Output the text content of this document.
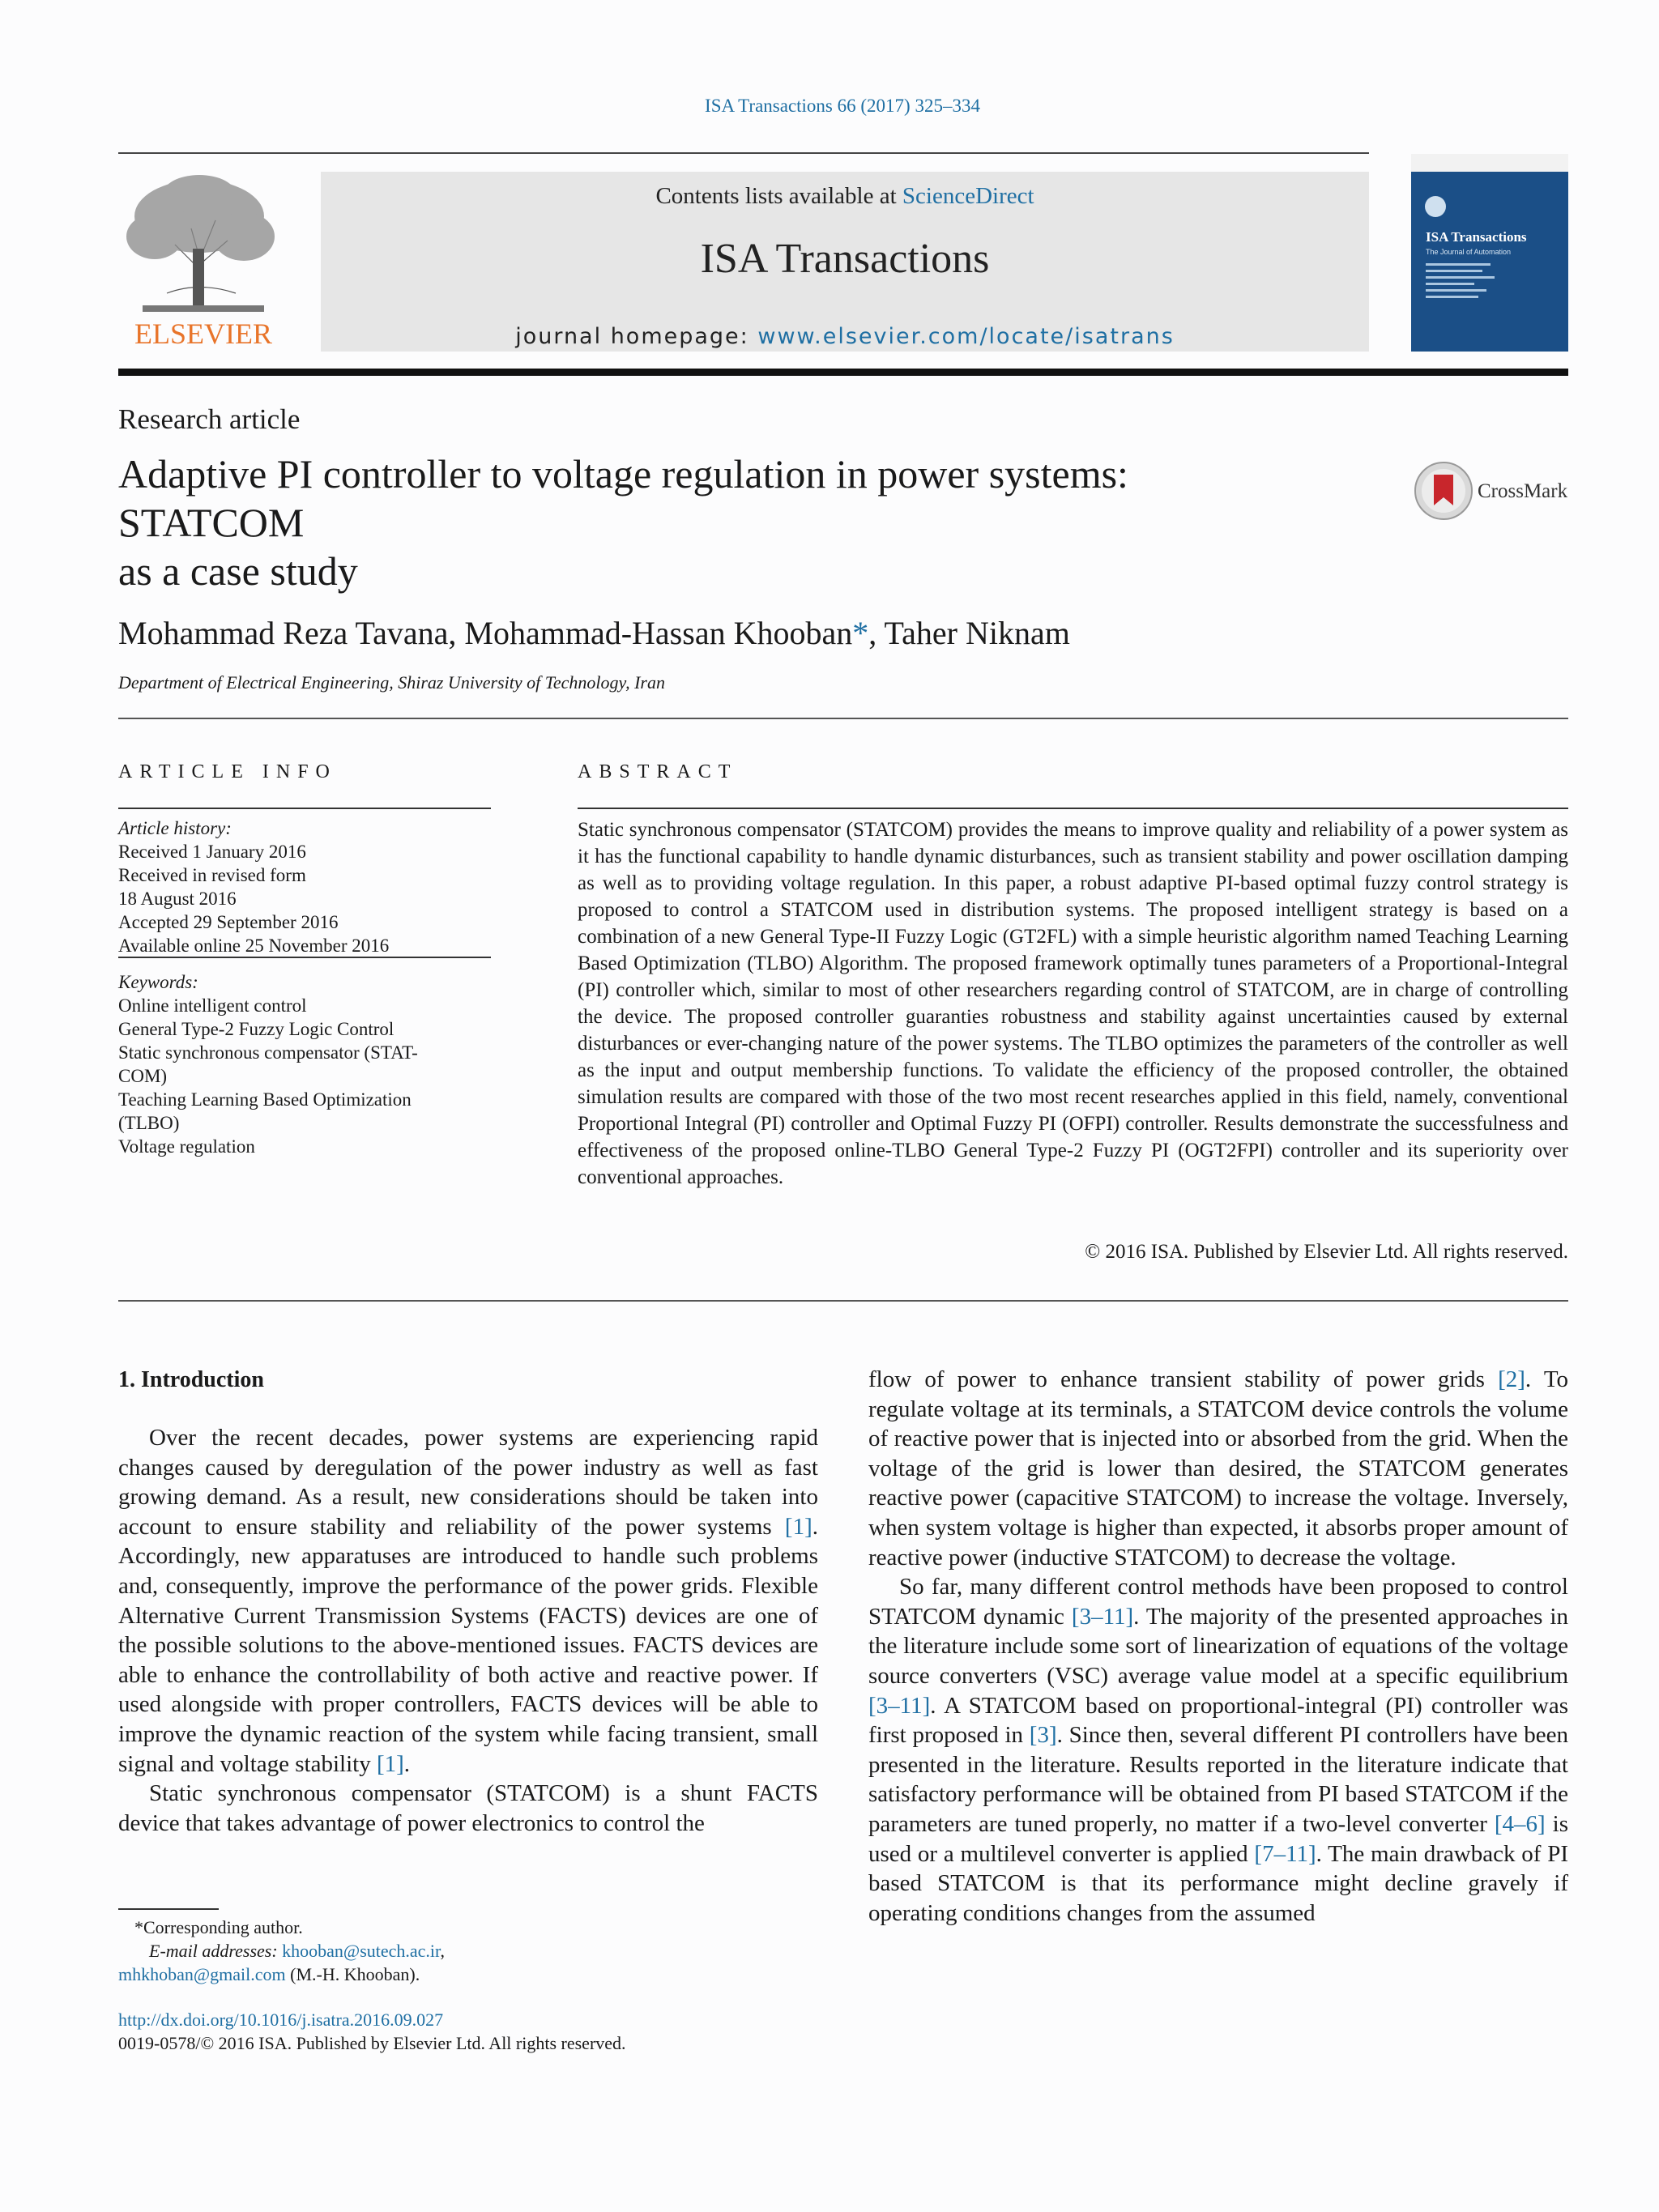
ISA Transactions 66 (2017) 325–334
ELSEVIER
Contents lists available at ScienceDirect
ISA Transactions
journal homepage: www.elsevier.com/locate/isatrans
ISA Transactions
The Journal of Automation
Research article
Adaptive PI controller to voltage regulation in power systems:
STATCOM
as a case study
CrossMark
Mohammad Reza Tavana, Mohammad-Hassan Khooban*, Taher Niknam
Department of Electrical Engineering, Shiraz University of Technology, Iran
ARTICLE INFO
Article history:
Received 1 January 2016
Received in revised form
18 August 2016
Accepted 29 September 2016
Available online 25 November 2016
Keywords:
Online intelligent control
General Type-2 Fuzzy Logic Control
Static synchronous compensator (STAT-
COM)
Teaching Learning Based Optimization
(TLBO)
Voltage regulation
ABSTRACT
Static synchronous compensator (STATCOM) provides the means to improve quality and reliability of a power system as it has the functional capability to handle dynamic disturbances, such as transient stability and power oscillation damping as well as to providing voltage regulation. In this paper, a robust adaptive PI-based optimal fuzzy control strategy is proposed to control a STATCOM used in distribution systems. The proposed intelligent strategy is based on a combination of a new General Type-II Fuzzy Logic (GT2FL) with a simple heuristic algorithm named Teaching Learning Based Optimization (TLBO) Algorithm. The proposed framework optimally tunes parameters of a Proportional-Integral (PI) controller which, similar to most of other researchers regarding control of STATCOM, are in charge of controlling the device. The proposed controller guaranties robustness and stability against uncertainties caused by external disturbances or ever-changing nature of the power systems. The TLBO optimizes the parameters of the controller as well as the input and output membership functions. To validate the efficiency of the proposed controller, the obtained simulation results are compared with those of the two most recent researches applied in this field, namely, conventional Proportional Integral (PI) controller and Optimal Fuzzy PI (OFPI) controller. Results demonstrate the successfulness and effectiveness of the proposed online-TLBO General Type-2 Fuzzy PI (OGT2FPI) controller and its superiority over conventional approaches.
© 2016 ISA. Published by Elsevier Ltd. All rights reserved.
1. Introduction

Over the recent decades, power systems are experiencing rapid changes caused by deregulation of the power industry as well as fast growing demand. As a result, new considerations should be taken into account to ensure stability and reliability of the power systems [1]. Accordingly, new apparatuses are introduced to handle such problems and, consequently, improve the performance of the power grids. Flexible Alternative Current Transmission Systems (FACTS) devices are one of the possible solutions to the above-mentioned issues. FACTS devices are able to enhance the controllability of both active and reactive power. If used alongside with proper controllers, FACTS devices will be able to improve the dynamic reaction of the system while facing transient, small signal and voltage stability [1].

Static synchronous compensator (STATCOM) is a shunt FACTS device that takes advantage of power electronics to control the

flow of power to enhance transient stability of power grids [2]. To regulate voltage at its terminals, a STATCOM device controls the volume of reactive power that is injected into or absorbed from the grid. When the voltage of the grid is lower than desired, the STATCOM generates reactive power (capacitive STATCOM) to increase the voltage. Inversely, when system voltage is higher than expected, it absorbs proper amount of reactive power (inductive STATCOM) to decrease the voltage.

So far, many different control methods have been proposed to control STATCOM dynamic [3–11]. The majority of the presented approaches in the literature include some sort of linearization of equations of the voltage source converters (VSC) average value model at a specific equilibrium [3–11]. A STATCOM based on proportional-integral (PI) controller was first proposed in [3]. Since then, several different PI controllers have been presented in the literature. Results reported in the literature indicate that satisfactory performance will be obtained from PI based STATCOM if the parameters are tuned properly, no matter if a two-level converter [4–6] is used or a multilevel converter is applied [7–11]. The main drawback of PI based STATCOM is that its performance might decline gravely if operating conditions changes from the assumed

*Corresponding author.
E-mail addresses: khooban@sutech.ac.ir,
mhkhoban@gmail.com (M.-H. Khooban).
http://dx.doi.org/10.1016/j.isatra.2016.09.027
0019-0578/© 2016 ISA. Published by Elsevier Ltd. All rights reserved.
